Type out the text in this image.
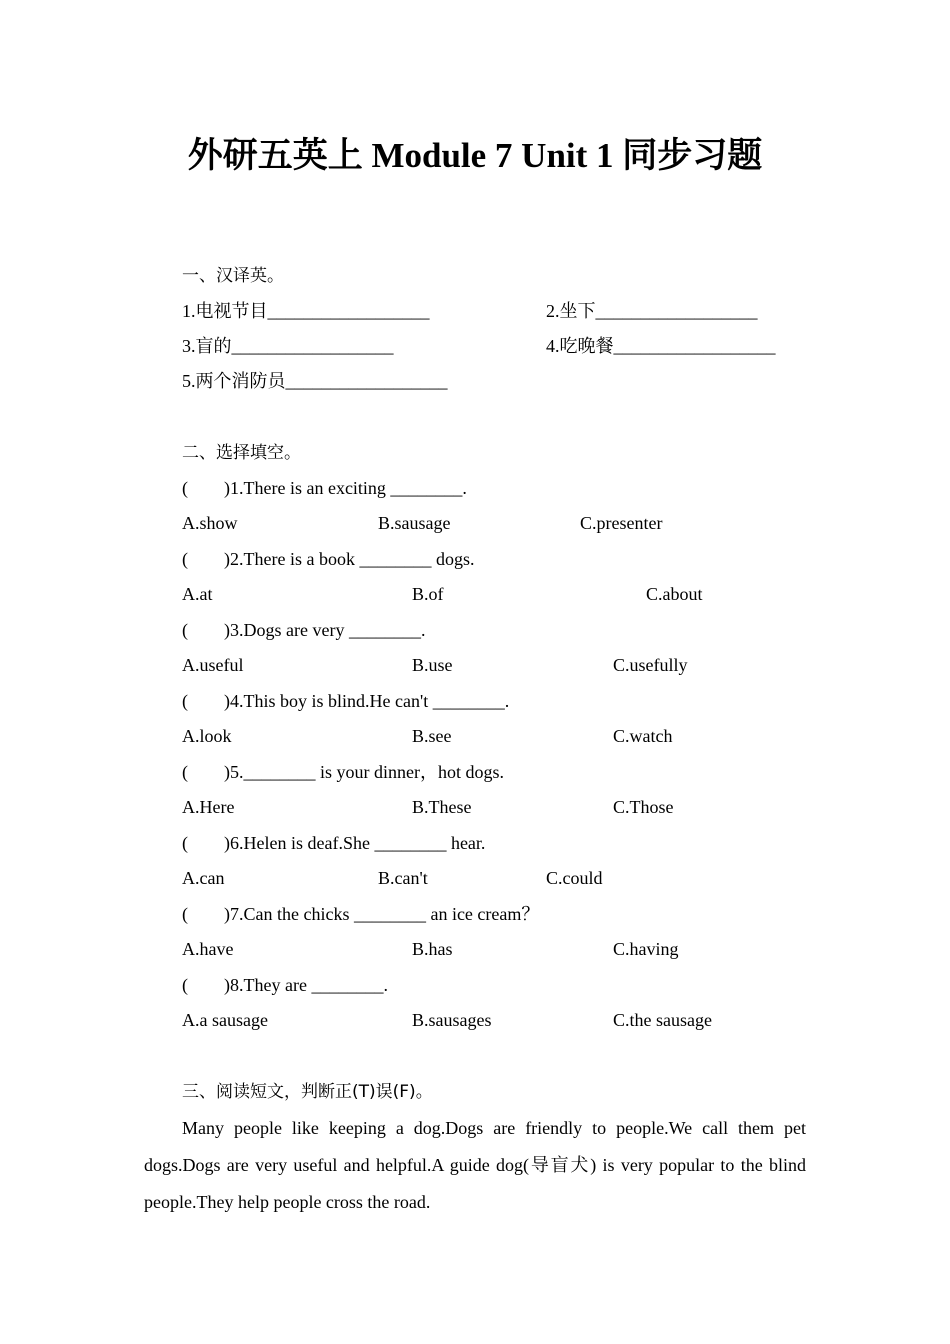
外研五英上 Module 7 Unit 1 同步习题
一、汉译英。
1.电视节目__________________	2.坐下__________________
3.盲的__________________	4.吃晚餐__________________
5.两个消防员__________________
二、选择填空。
(　　)1.There is an exciting ________.
A.show	B.sausage	C.presenter
(　　)2.There is a book ________ dogs.
A.at	B.of	C.about
(　　)3.Dogs are very ________.
A.useful	B.use	C.usefully
(　　)4.This boy is blind.He can't ________.
A.look	B.see	C.watch
(　　)5.________ is your dinner，hot dogs.
A.Here	B.These	C.Those
(　　)6.Helen is deaf.She ________ hear.
A.can	B.can't	C.could
(　　)7.Can the chicks ________ an ice cream？
A.have	B.has	C.having
(　　)8.They are ________.
A.a sausage	B.sausages	C.the sausage
三、阅读短文，判断正(T)误(F)。
Many people like keeping a dog.Dogs are friendly to people.We call them pet dogs.Dogs are very useful and helpful.A guide dog(导盲犬) is very popular to the blind people.They help people cross the road.
